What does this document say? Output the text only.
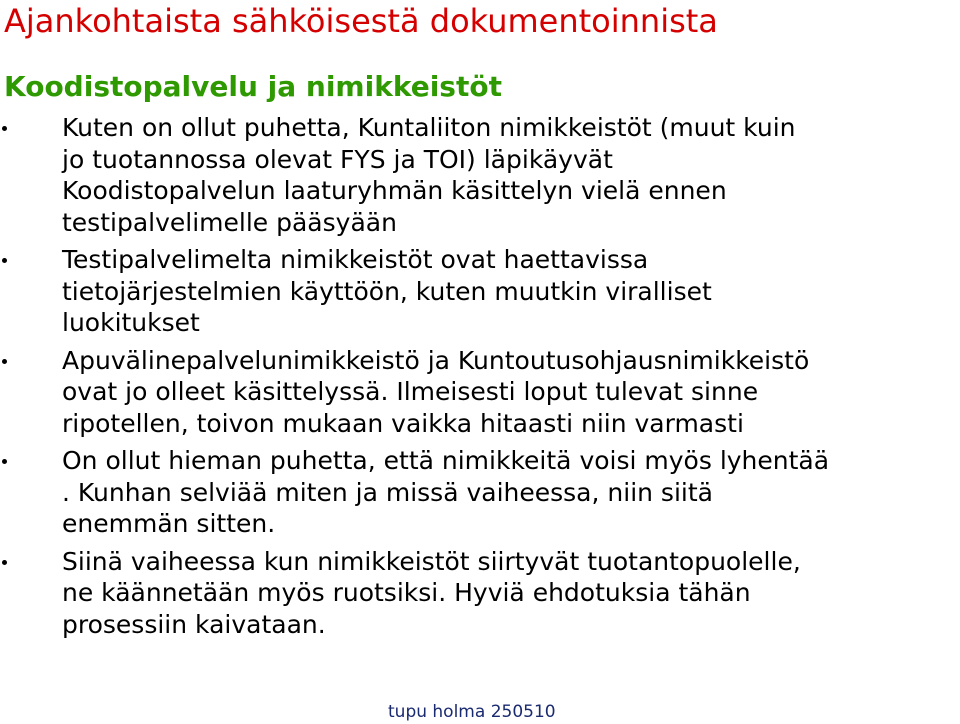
Ajankohtaista sähköisestä dokumentoinnista
Koodistopalvelu ja nimikkeistöt
Kuten on ollut puhetta, Kuntaliiton nimikkeistöt (muut kuin
jo tuotannossa olevat FYS ja TOI) läpikäyvät
Koodistopalvelun laaturyhmän käsittelyn vielä ennen
testipalvelimelle pääsyään
Testipalvelimelta nimikkeistöt ovat haettavissa
tietojärjestelmien käyttöön, kuten muutkin viralliset
luokitukset
Apuvälinepalvelunimikkeistö ja Kuntoutusohjausnimikkeistö
ovat jo olleet käsittelyssä. Ilmeisesti loput tulevat sinne
ripotellen, toivon mukaan vaikka hitaasti niin varmasti
On ollut hieman puhetta, että nimikkeitä voisi myös lyhentää
. Kunhan selviää miten ja missä vaiheessa, niin siitä
enemmän sitten.
Siinä vaiheessa kun nimikkeistöt siirtyvät tuotantopuolelle,
ne käännetään myös ruotsiksi. Hyviä ehdotuksia tähän
prosessiin kaivataan.
tupu holma 250510
